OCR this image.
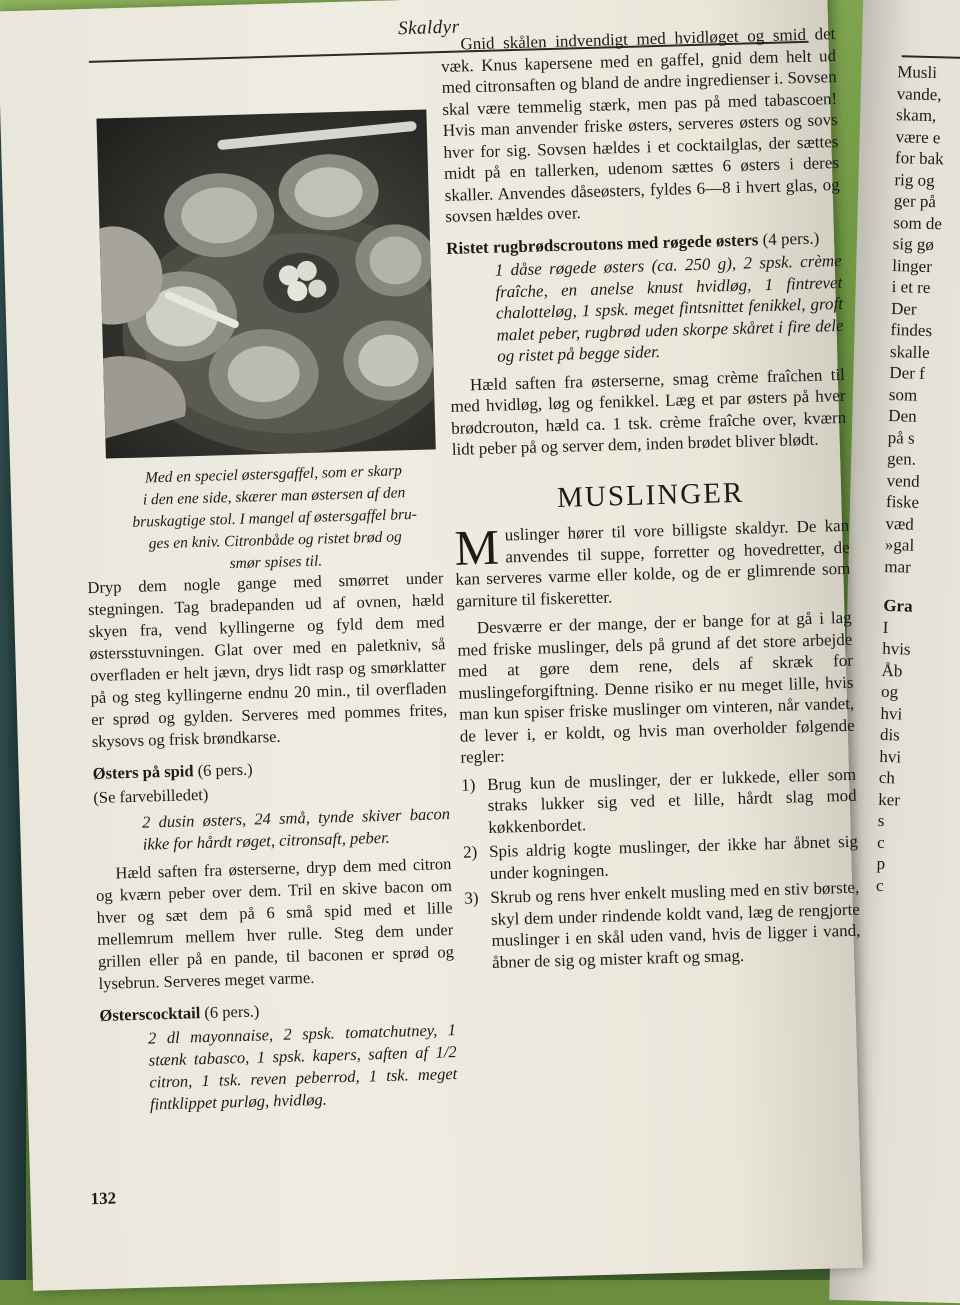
Musli
vande,
skam,
være e
for bak
rig og
ger på
som de
sig gø
linger
i et re
Der
findes
skalle
Der f
som
Den
på s
gen.
vend
fiske
væd
»gal
mar
Gra
I
hvis
Åb
og
hvi
dis
hvi
ch
ker
s
c
p
c
Skaldyr

Med en speciel østersgaffel, som er skarp

i den ene side, skærer man østersen af den

bruskagtige stol. I mangel af østersgaffel bru-

ges en kniv. Citronbåde og ristet brød og

smør spises til.

Dryp dem nogle gange med smørret under stegningen. Tag bradepanden ud af ovnen, hæld skyen fra, vend kyllingerne og fyld dem med østersstuvningen. Glat over med en paletkniv, så overfladen er helt jævn, drys lidt rasp og smørklatter på og steg kyllingerne endnu 20 min., til overfladen er sprød og gylden. Serveres med pommes frites, skysovs og frisk brøndkarse.

Østers på spid (6 pers.)
(Se farvebilledet)

2 dusin østers, 24 små, tynde skiver bacon ikke for hårdt røget, citronsaft, peber.

Hæld saften fra østerserne, dryp dem med citron og kværn peber over dem. Tril en skive bacon om hver og sæt dem på 6 små spid med et lille mellemrum mellem hver rulle. Steg dem under grillen eller på en pande, til baconen er sprød og lysebrun. Serveres meget varme.

Østerscocktail (6 pers.)

2 dl mayonnaise, 2 spsk. tomatchutney, 1 stænk tabasco, 1 spsk. kapers, saften af 1/2 citron, 1 tsk. reven peberrod, 1 tsk. meget fintklippet purløg, hvidløg.

Gnid skålen indvendigt med hvidløget og smid det væk. Knus kapersene med en gaffel, gnid dem helt ud med citronsaften og bland de andre ingredienser i. Sovsen skal være temmelig stærk, men pas på med tabascoen! Hvis man anvender friske østers, serveres østers og sovs hver for sig. Sovsen hældes i et cocktailglas, der sættes midt på en tallerken, udenom sættes 6 østers i deres skaller. Anvendes dåseøsters, fyldes 6—8 i hvert glas, og sovsen hældes over.

Ristet rugbrødscroutons med røgede østers (4 pers.)

1 dåse røgede østers (ca. 250 g), 2 spsk. crème fraîche, en anelse knust hvidløg, 1 fintrevet chalotteløg, 1 spsk. meget fintsnittet fenikkel, groft malet peber, rugbrød uden skorpe skåret i fire dele og ristet på begge sider.

Hæld saften fra østerserne, smag crème fraîchen til med hvidløg, løg og fenikkel. Læg et par østers på hver brødcrouton, hæld ca. 1 tsk. crème fraîche over, kværn lidt peber på og server dem, inden brødet bliver blødt.

MUSLINGER

M uslinger hører til vore billigste skaldyr. De kan anvendes til suppe, forretter og hovedretter, de kan serveres varme eller kolde, og de er glimrende som garniture til fiskeretter.

Desværre er der mange, der er bange for at gå i lag med friske muslinger, dels på grund af det store arbejde med at gøre dem rene, dels af skræk for muslingeforgiftning. Denne risiko er nu meget lille, hvis man kun spiser friske muslinger om vinteren, når vandet, de lever i, er koldt, og hvis man overholder følgende regler:

1) Brug kun de muslinger, der er lukkede, eller som straks lukker sig ved et lille, hårdt slag mod køkkenbordet.
2) Spis aldrig kogte muslinger, der ikke har åbnet sig under kogningen.
3) Skrub og rens hver enkelt musling med en stiv børste, skyl dem under rindende koldt vand, læg de rengjorte muslinger i en skål uden vand, hvis de ligger i vand, åbner de sig og mister kraft og smag.
132
